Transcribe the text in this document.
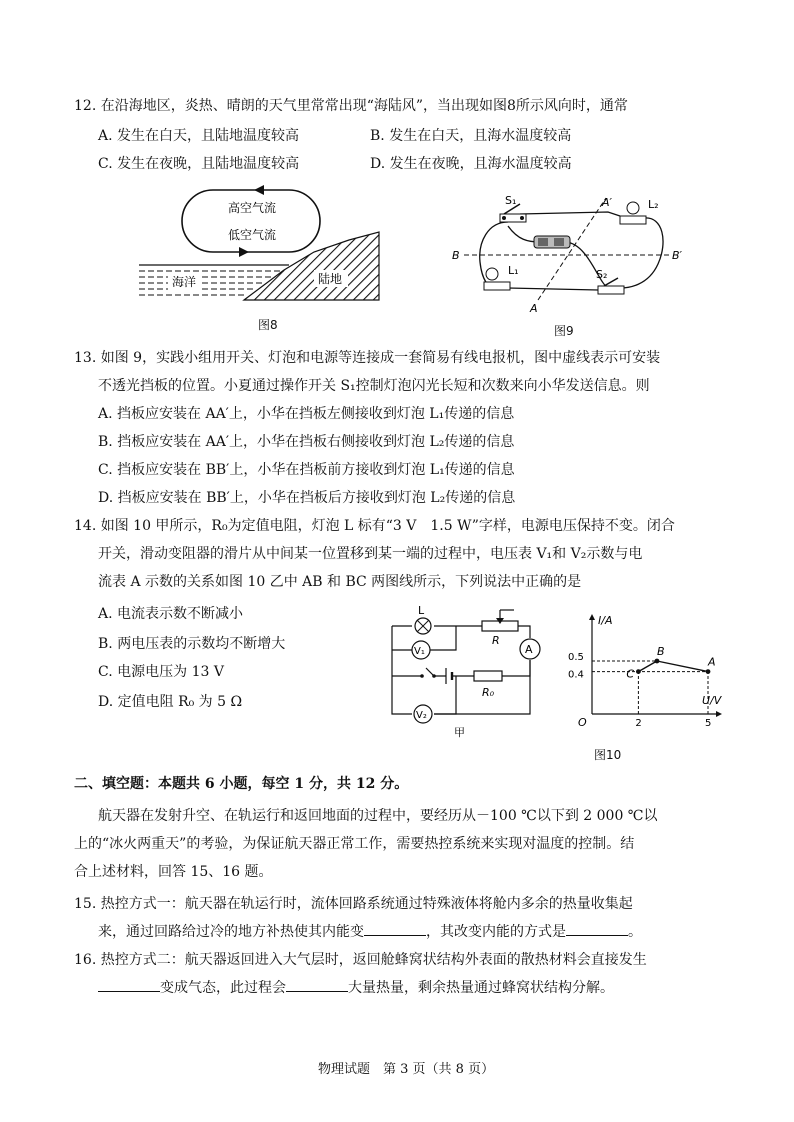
12. 在沿海地区，炎热、晴朗的天气里常常出现“海陆风”，当出现如图8所示风向时，通常
A. 发生在白天，且陆地温度较高	B. 发生在白天，且海水温度较高
C. 发生在夜晚，且陆地温度较高	D. 发生在夜晚，且海水温度较高
高空气流
低空气流
海洋	陆地
图8
S₁	L₂
L₁	S₂
A
A′
B	B′
图9
13. 如图 9，实践小组用开关、灯泡和电源等连接成一套简易有线电报机，图中虚线表示可安装
不透光挡板的位置。小夏通过操作开关 S₁控制灯泡闪光长短和次数来向小华发送信息。则
A. 挡板应安装在 AA′上，小华在挡板左侧接收到灯泡 L₁传递的信息
B. 挡板应安装在 AA′上，小华在挡板右侧接收到灯泡 L₂传递的信息
C. 挡板应安装在 BB′上，小华在挡板前方接收到灯泡 L₁传递的信息
D. 挡板应安装在 BB′上，小华在挡板后方接收到灯泡 L₂传递的信息
14. 如图 10 甲所示，R₀为定值电阻，灯泡 L 标有“3 V　1.5 W”字样，电源电压保持不变。闭合
开关，滑动变阻器的滑片从中间某一位置移到某一端的过程中，电压表 V₁和 V₂示数与电
流表 A 示数的关系如图 10 乙中 AB 和 BC 两图线所示，下列说法中正确的是
A. 电流表示数不断减小
B. 两电压表的示数均不断增大
C. 电源电压为 13 V
D. 定值电阻 R₀ 为 5 Ω
L
R
A
V₁
R₀
V₂
甲
I/A
U/V
O
0.4
0.5
2	5
C
B
A
图10
二、填空题：本题共 6 小题，每空 1 分，共 12 分。
航天器在发射升空、在轨运行和返回地面的过程中，要经历从－100 ℃以下到 2 000 ℃以
上的“冰火两重天”的考验，为保证航天器正常工作，需要热控系统来实现对温度的控制。结
合上述材料，回答 15、16 题。
15. 热控方式一：航天器在轨运行时，流体回路系统通过特殊液体将舱内多余的热量收集起
来，通过回路给过冷的地方补热使其内能变	，其改变内能的方式是	。
16. 热控方式二：航天器返回进入大气层时，返回舱蜂窝状结构外表面的散热材料会直接发生
变成气态，此过程会	大量热量，剩余热量通过蜂窝状结构分解。
物理试题　第 3 页（共 8 页）
